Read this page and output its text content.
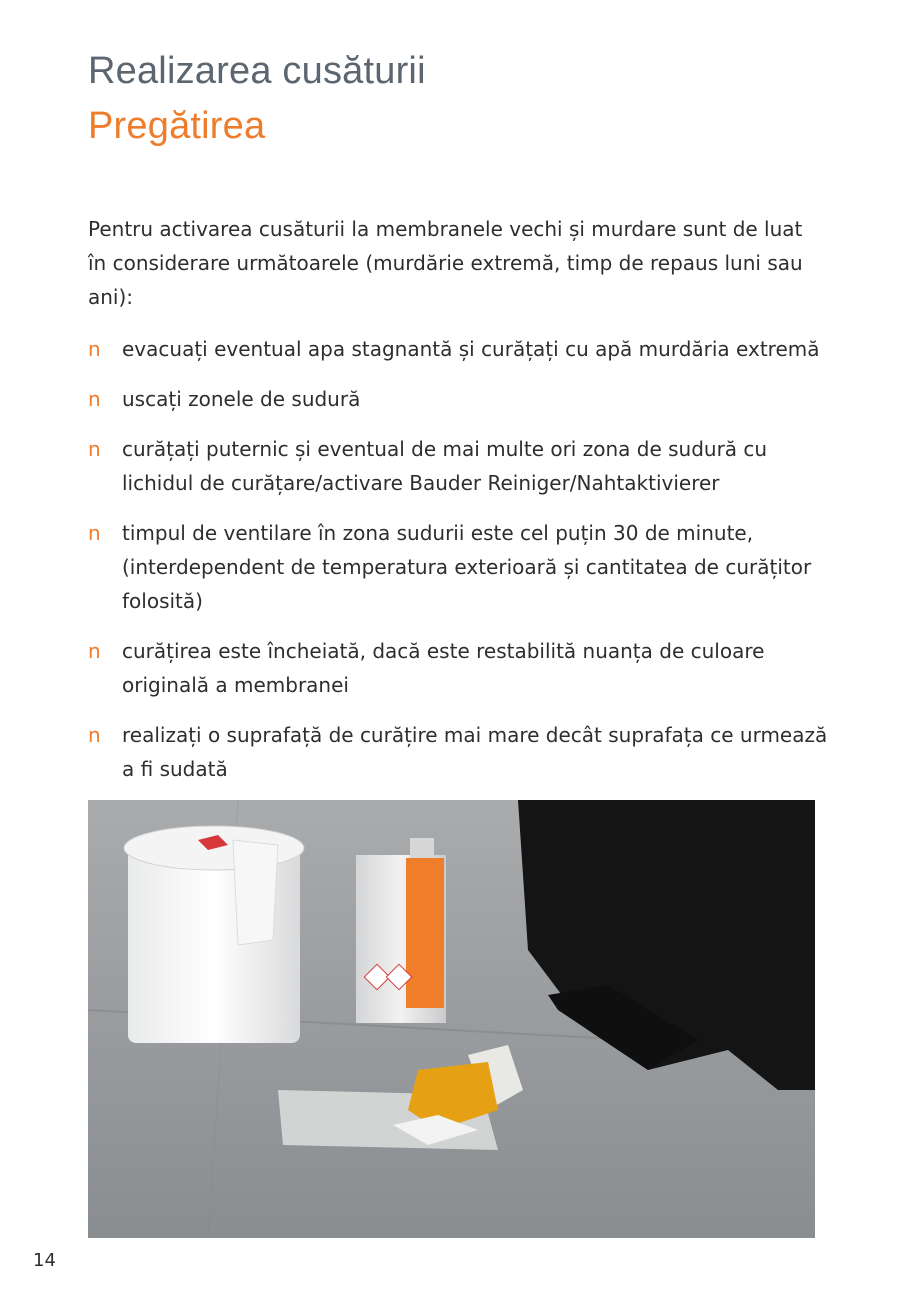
Realizarea cusăturii
Pregătirea

Pentru activarea cusăturii la membranele vechi și murdare sunt de luat în considerare următoarele (murdărie extremă, timp de repaus luni sau ani):

n evacuați eventual apa stagnantă și curățați cu apă murdăria extremă
n uscați zonele de sudură
n curățați puternic și eventual de mai multe ori zona de sudură cu lichidul de curățare/activare Bauder Reiniger/Nahtaktivierer
n timpul de ventilare în zona sudurii este cel puțin 30 de minute, (interdependent de temperatura exterioară și cantitatea de curățitor folosită)
n curățirea este încheiată, dacă este restabilită nuanța de culoare originală a membranei
n realizați o suprafață de curățire mai mare decât suprafața ce urmează a fi sudată
14
